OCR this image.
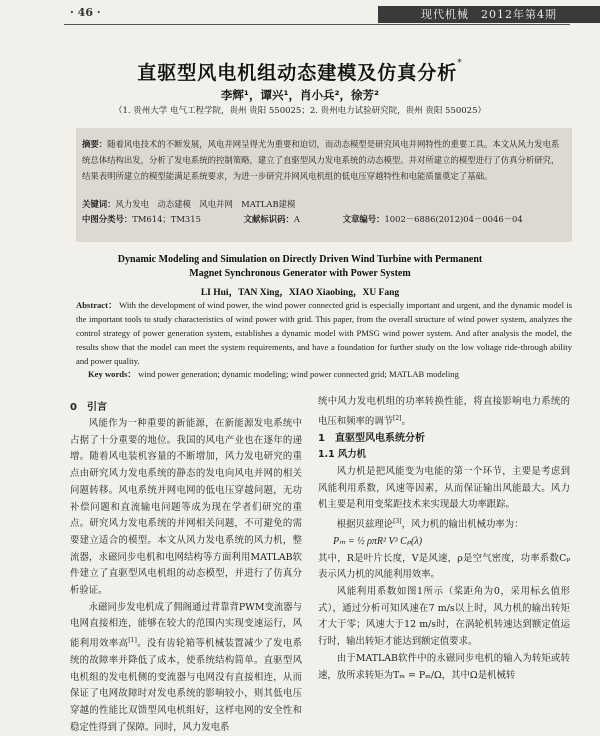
· 46 ·	现代机械　2012年第4期
直驱型风电机组动态建模及仿真分析*
李辉¹，谭兴¹，肖小兵²，徐芳²
（1. 贵州大学 电气工程学院，贵州 贵阳 550025；2. 贵州电力试验研究院，贵州 贵阳 550025）
摘要：随着风电技术的不断发展，风电并网呈得尤为重要和迫切，而动态模型是研究风电并网特性的重要工具。本文从风力发电系统总体结构出发，分析了发电系统的控制策略，建立了直驱型风力发电系统的动态模型。并对所建立的模型进行了仿真分析研究，结果表明所建立的模型能满足系统要求，为进一步研究并网风电机组的低电压穿越特性和电能质量奠定了基础。
关键词：风力发电　动态建模　风电并网　MATLAB建模
中图分类号：TM614；TM315	文献标识码：A	文章编号：1002－6886(2012)04－0046－04
Dynamic Modeling and Simulation on Directly Driven Wind Turbine with Permanent
Magnet Synchronous Generator with Power System
LI Hui，TAN Xing，XIAO Xiaobing，XU Fang
Abstract： With the development of wind power, the wind power connected grid is especially important and urgent, and the dynamic model is the important tools to study characteristics of wind power with grid. This paper, from the overall structure of wind power system, analyzes the control strategy of power generation system, establishes a dynamic model with PMSG wind power system. And after analysis the model, the results show that the model can meet the system requirements, and have a foundation for further study on the low voltage ride-through ability and power quality.
Key words： wind power generation; dynamic modeling; wind power connected grid; MATLAB modeling
0　引言

风能作为一种重要的新能源，在新能源发电系统中占据了十分重要的地位。我国的风电产业也在逐年的递增。随着风电装机容量的不断增加，风力发电研究的重点由研究风力发电系统的静态的发电向风电并网的相关问题转移。风电系统并网电网的低电压穿越问题，无功补偿问题和直流输电问题等成为现在学者们研究的重点。研究风力发电系统的并网相关问题，不可避免的需要建立适合的模型。本文从风力发电系统的风力机，整流器，永磁同步电机和电网结构等方面利用MATLAB软件建立了直驱型风电机组的动态模型，并进行了仿真分析验证。

永磁同步发电机成了佣阁通过背靠背PWM变流器与电网直接相连，能够在较大的范围内实现变速运行，风能利用效率高[1]。没有齿轮箱等机械装置减少了发电系统的故障率并降低了成本，使系统结构简单。直驱型风电机组的发电机侧的变流器与电网没有直接相连，从而保证了电网故障时对发电系统的影响较小，则其低电压穿越的性能比双馈型风电机组好，这样电网的安全性和稳定性得到了保障。同时，风力发电系

统中风力发电机组的功率转换性能，将直接影响电力系统的电压和频率的调节[2]。

1　直驱型风电系统分析

1.1 风力机

风力机是把风能变为电能的第一个环节，主要是考虑到风能利用系数，风速等因素，从而保证输出风能最大。风力机主要是利用变桨距技术来实现最大功率跟踪。

根据贝兹理论[3]，风力机的输出机械功率为：

Pₘ = ½ ρπR² V³ Cₚ(λ)

其中，R是叶片长度，V是风速，ρ是空气密度，功率系数Cₚ表示风力机的风能利用效率。

风能利用系数如图1所示（桨距角为0，采用标幺值形式），通过分析可知风速在7 m/s以上时，风力机的输出转矩才大于零；风速大于12 m/s时，在涡轮机转速达到额定值运行时，输出转矩才能达到额定值要求。

由于MATLAB软件中的永磁同步电机的输入为转矩或转速，放所求转矩为Tₘ = Pₘ/Ω，其中Ω是机械转
